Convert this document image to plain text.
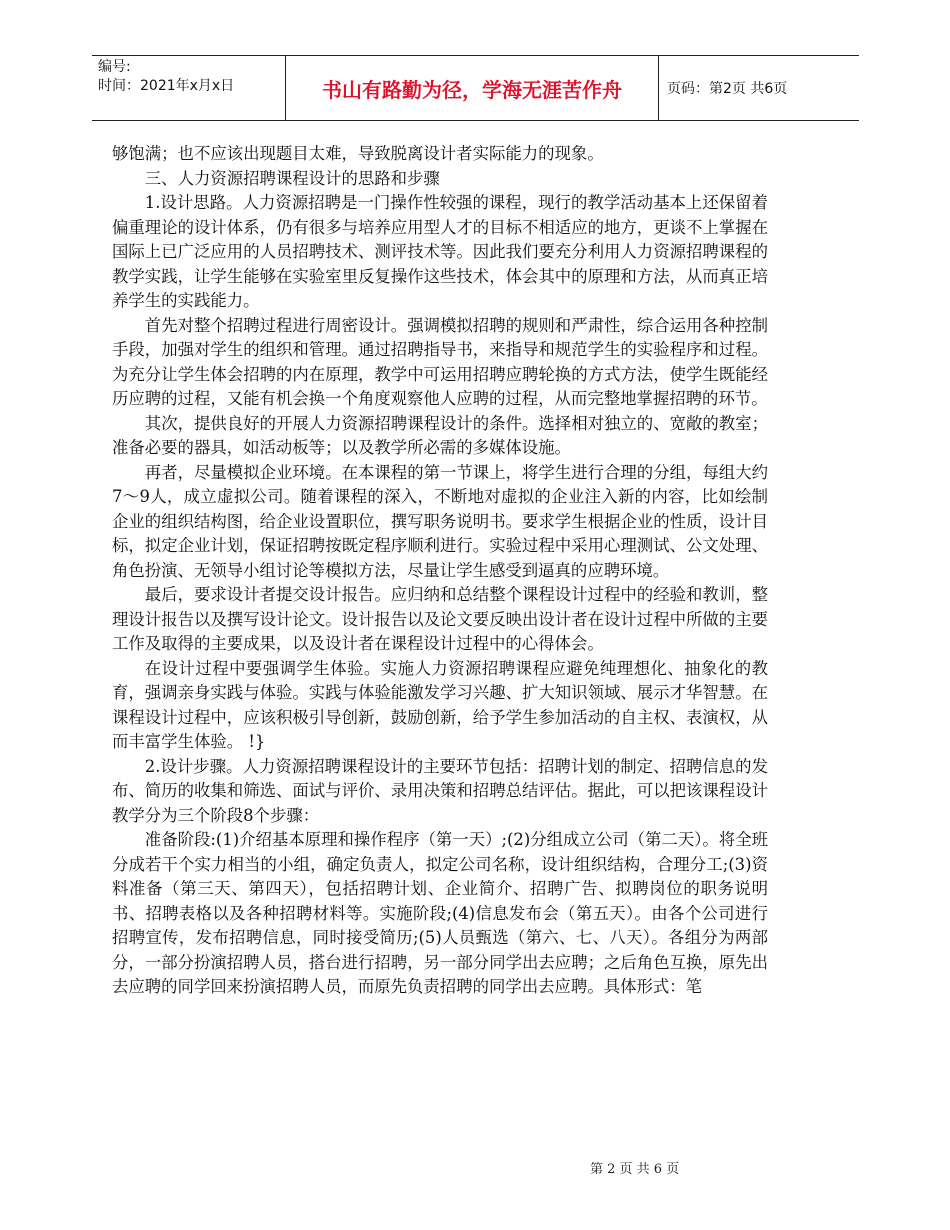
编号:
时间：2021年x月x日	书山有路勤为径，学海无涯苦作舟	页码：第2页 共6页

够饱满；也不应该出现题目太难，导致脱离设计者实际能力的现象。

三、人力资源招聘课程设计的思路和步骤

1.设计思路。人力资源招聘是一门操作性较强的课程，现行的教学活动基本上还保留着偏重理论的设计体系，仍有很多与培养应用型人才的目标不相适应的地方，更谈不上掌握在国际上已广泛应用的人员招聘技术、测评技术等。因此我们要充分利用人力资源招聘课程的教学实践，让学生能够在实验室里反复操作这些技术，体会其中的原理和方法，从而真正培养学生的实践能力。

首先对整个招聘过程进行周密设计。强调模拟招聘的规则和严肃性，综合运用各种控制手段，加强对学生的组织和管理。通过招聘指导书，来指导和规范学生的实验程序和过程。为充分让学生体会招聘的内在原理，教学中可运用招聘应聘轮换的方式方法，使学生既能经历应聘的过程，又能有机会换一个角度观察他人应聘的过程，从而完整地掌握招聘的环节。

其次，提供良好的开展人力资源招聘课程设计的条件。选择相对独立的、宽敞的教室；准备必要的器具，如活动板等；以及教学所必需的多媒体设施。

再者，尽量模拟企业环境。在本课程的第一节课上，将学生进行合理的分组，每组大约7～9人，成立虚拟公司。随着课程的深入，不断地对虚拟的企业注入新的内容，比如绘制企业的组织结构图，给企业设置职位，撰写职务说明书。要求学生根据企业的性质，设计目标，拟定企业计划，保证招聘按既定程序顺利进行。实验过程中采用心理测试、公文处理、角色扮演、无领导小组讨论等模拟方法，尽量让学生感受到逼真的应聘环境。

最后，要求设计者提交设计报告。应归纳和总结整个课程设计过程中的经验和教训，整理设计报告以及撰写设计论文。设计报告以及论文要反映出设计者在设计过程中所做的主要工作及取得的主要成果，以及设计者在课程设计过程中的心得体会。

在设计过程中要强调学生体验。实施人力资源招聘课程应避免纯理想化、抽象化的教育，强调亲身实践与体验。实践与体验能激发学习兴趣、扩大知识领域、展示才华智慧。在课程设计过程中，应该积极引导创新，鼓励创新，给予学生参加活动的自主权、表演权，从而丰富学生体验。 !}

2.设计步骤。人力资源招聘课程设计的主要环节包括：招聘计划的制定、招聘信息的发布、简历的收集和筛选、面试与评价、录用决策和招聘总结评估。据此，可以把该课程设计教学分为三个阶段8个步骤：

准备阶段:(1)介绍基本原理和操作程序（第一天）;(2)分组成立公司（第二天）。将全班分成若干个实力相当的小组，确定负责人，拟定公司名称，设计组织结构，合理分工;(3)资料准备（第三天、第四天），包括招聘计划、企业简介、招聘广告、拟聘岗位的职务说明书、招聘表格以及各种招聘材料等。实施阶段;(4)信息发布会（第五天）。由各个公司进行招聘宣传，发布招聘信息，同时接受简历;(5)人员甄选（第六、七、八天）。各组分为两部分，一部分扮演招聘人员，搭台进行招聘，另一部分同学出去应聘；之后角色互换，原先出去应聘的同学回来扮演招聘人员，而原先负责招聘的同学出去应聘。具体形式：笔

第 2 页 共 6 页
